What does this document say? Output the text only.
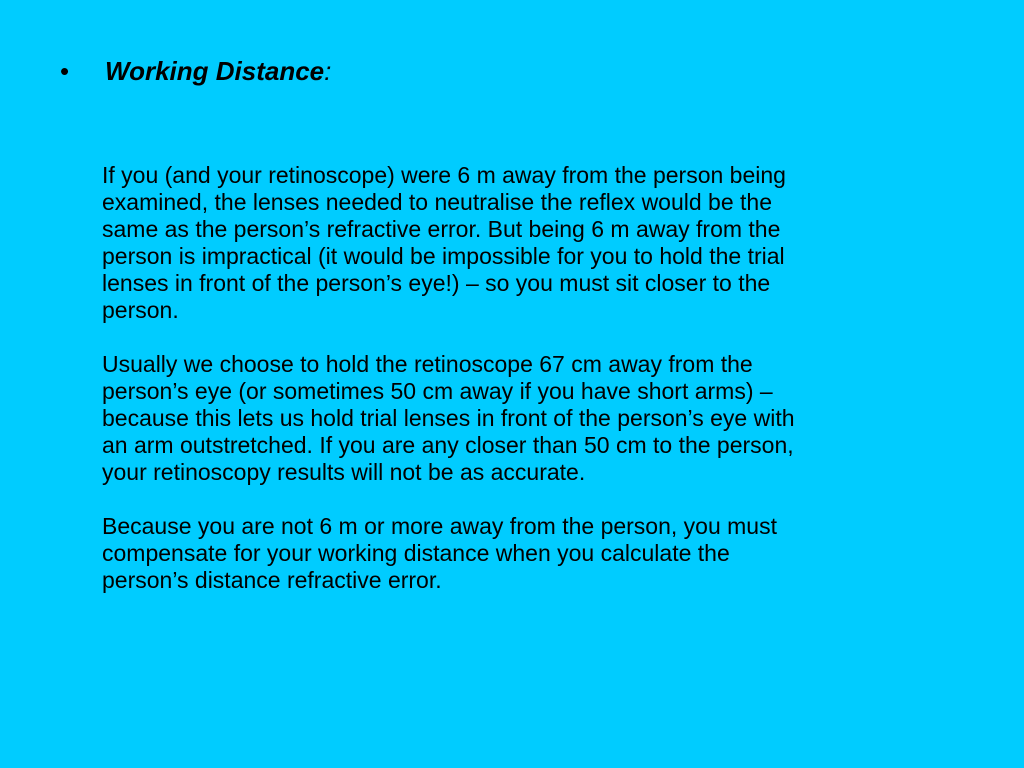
• Working Distance:

If you (and your retinoscope) were 6 m away from the person being
examined, the lenses needed to neutralise the reflex would be the
same as the person’s refractive error. But being 6 m away from the
person is impractical (it would be impossible for you to hold the trial
lenses in front of the person’s eye!) – so you must sit closer to the
person.

Usually we choose to hold the retinoscope 67 cm away from the
person’s eye (or sometimes 50 cm away if you have short arms) –
because this lets us hold trial lenses in front of the person’s eye with
an arm outstretched. If you are any closer than 50 cm to the person,
your retinoscopy results will not be as accurate.

Because you are not 6 m or more away from the person, you must
compensate for your working distance when you calculate the
person’s distance refractive error.
